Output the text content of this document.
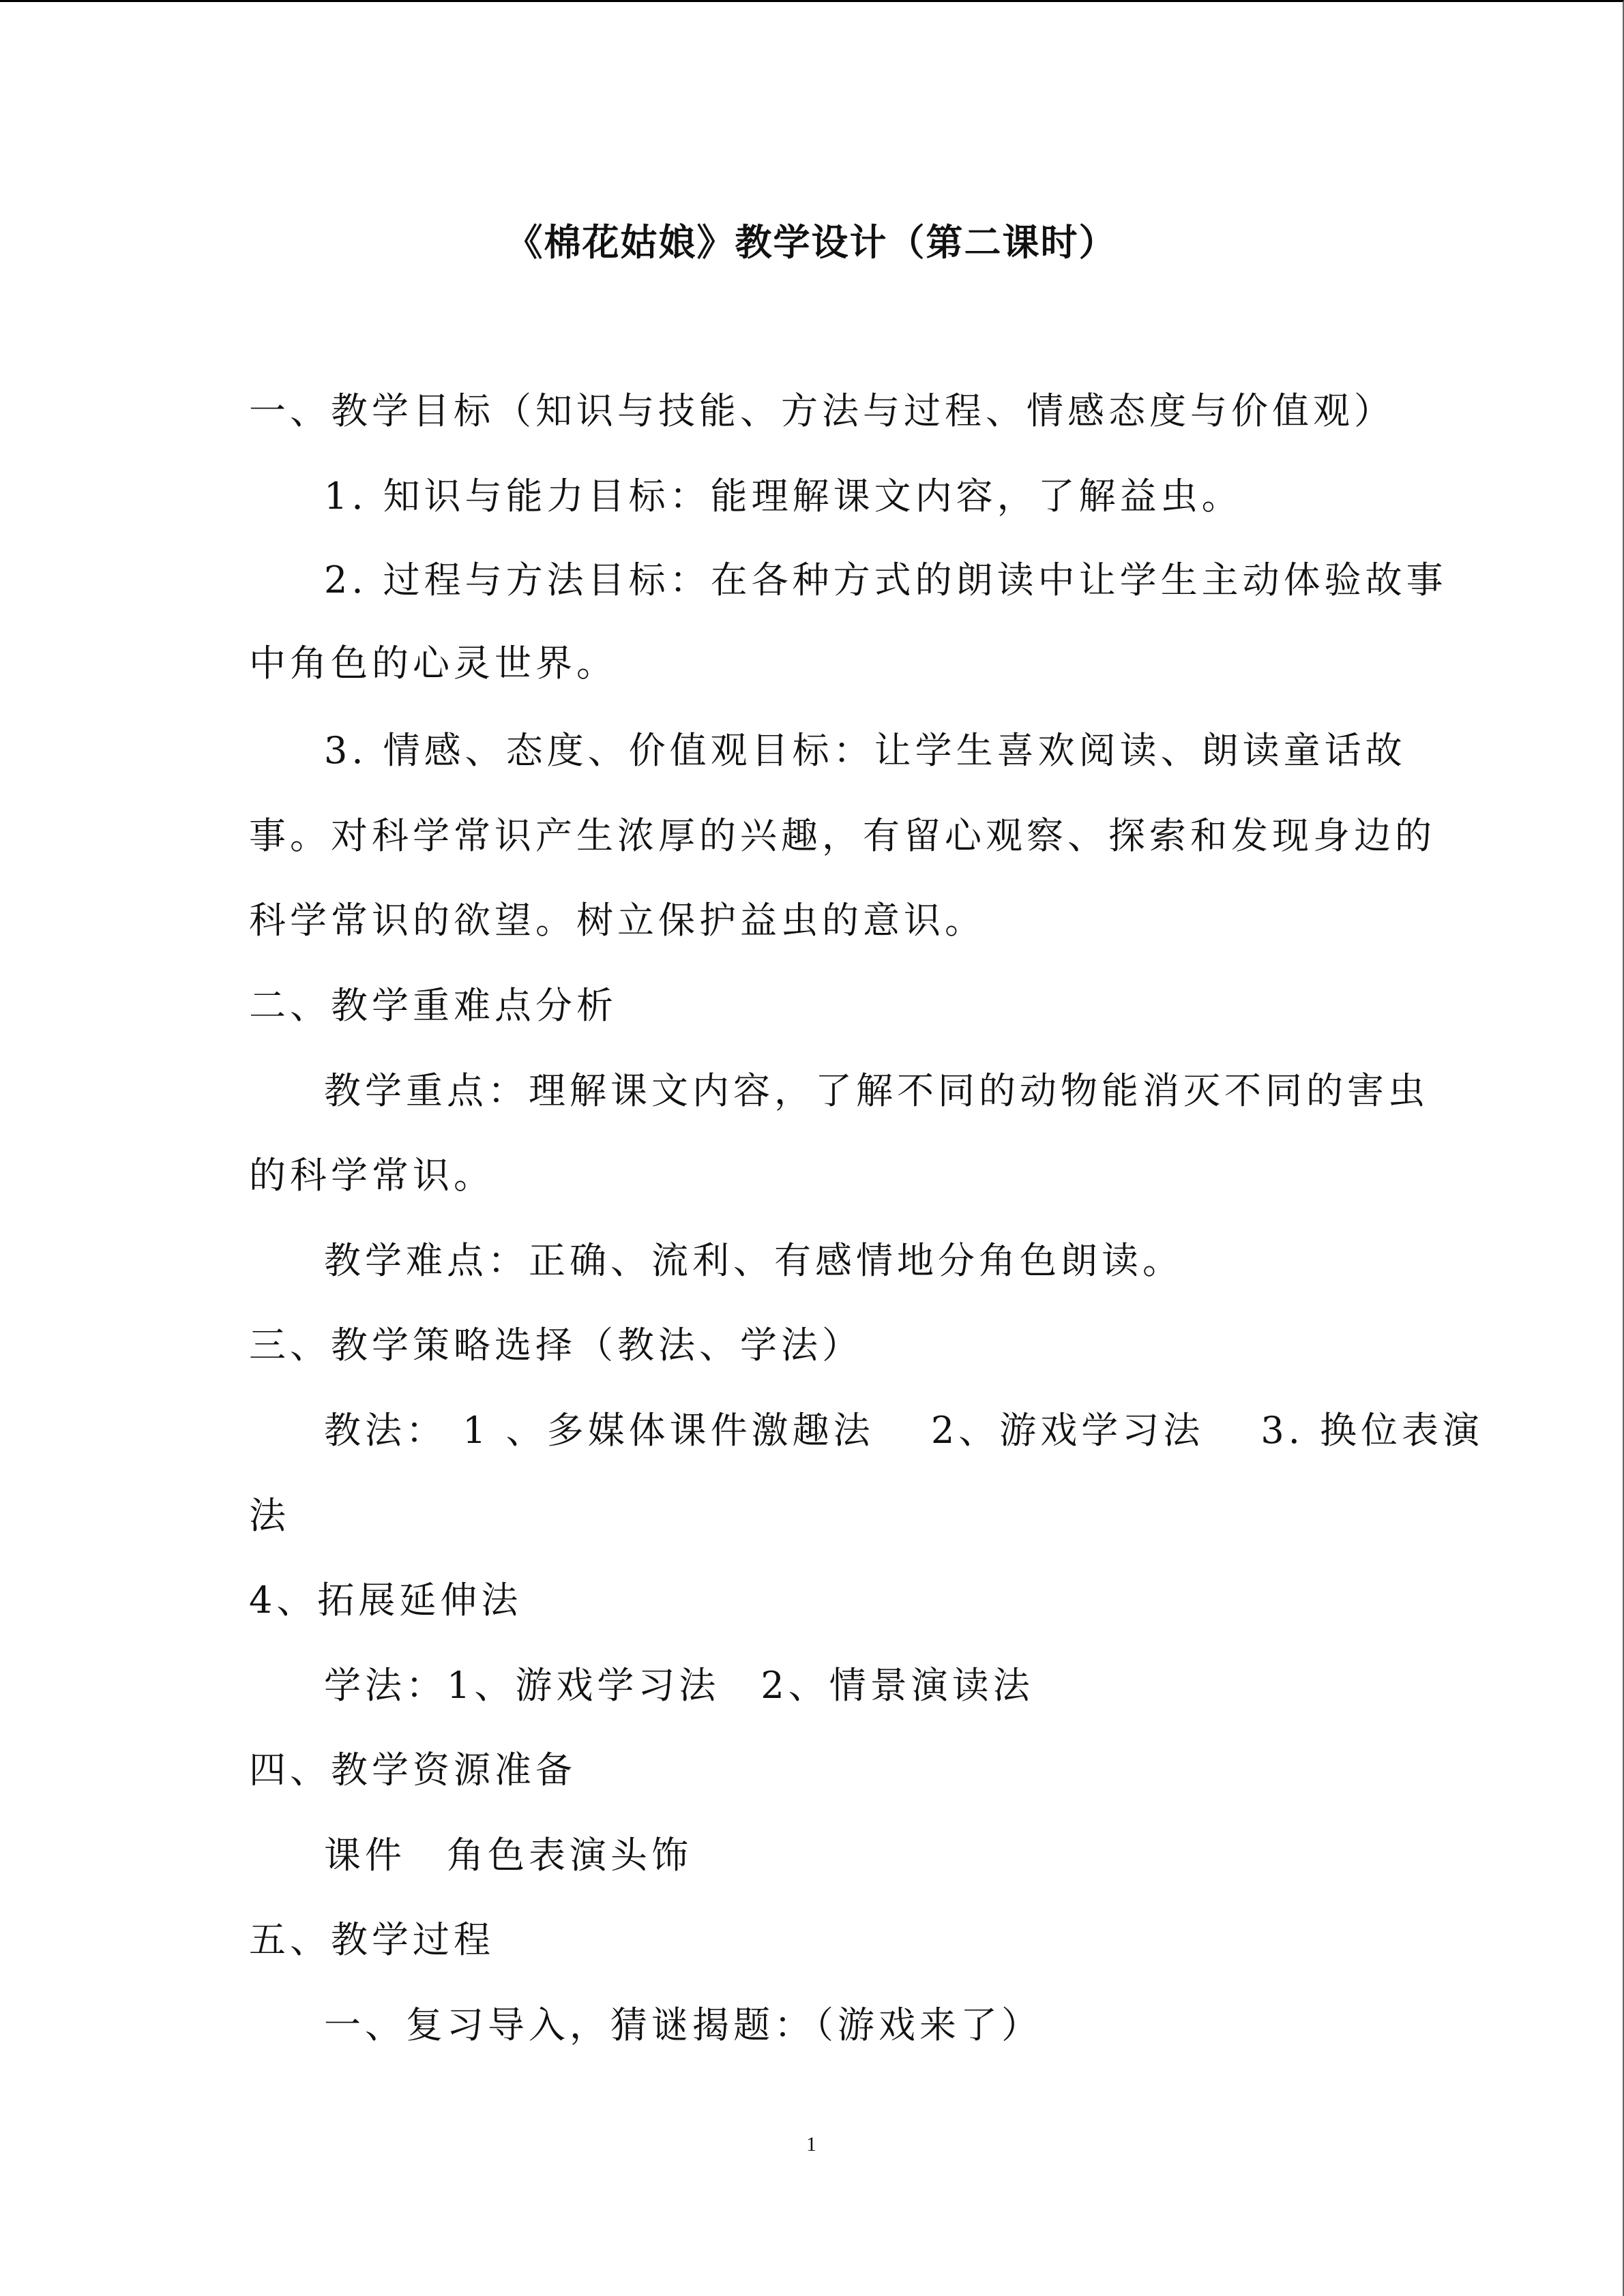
《棉花姑娘》教学设计（第二课时）
一、教学目标（知识与技能、方法与过程、情感态度与价值观）
1. 知识与能力目标：能理解课文内容，了解益虫。
2. 过程与方法目标：在各种方式的朗读中让学生主动体验故事
中角色的心灵世界。
3. 情感、态度、价值观目标：让学生喜欢阅读、朗读童话故
事。对科学常识产生浓厚的兴趣，有留心观察、探索和发现身边的
科学常识的欲望。树立保护益虫的意识。
二、教学重难点分析
教学重点：理解课文内容，了解不同的动物能消灭不同的害虫
的科学常识。
教学难点：正确、流利、有感情地分角色朗读。
三、教学策略选择（教法、学法）
教法： 1 、多媒体课件激趣法　 2、游戏学习法　 3. 换位表演
法
4、拓展延伸法
学法：1、游戏学习法　2、情景演读法
四、教学资源准备
课件　角色表演头饰
五、教学过程
一、复习导入，猜谜揭题：（游戏来了）
1
